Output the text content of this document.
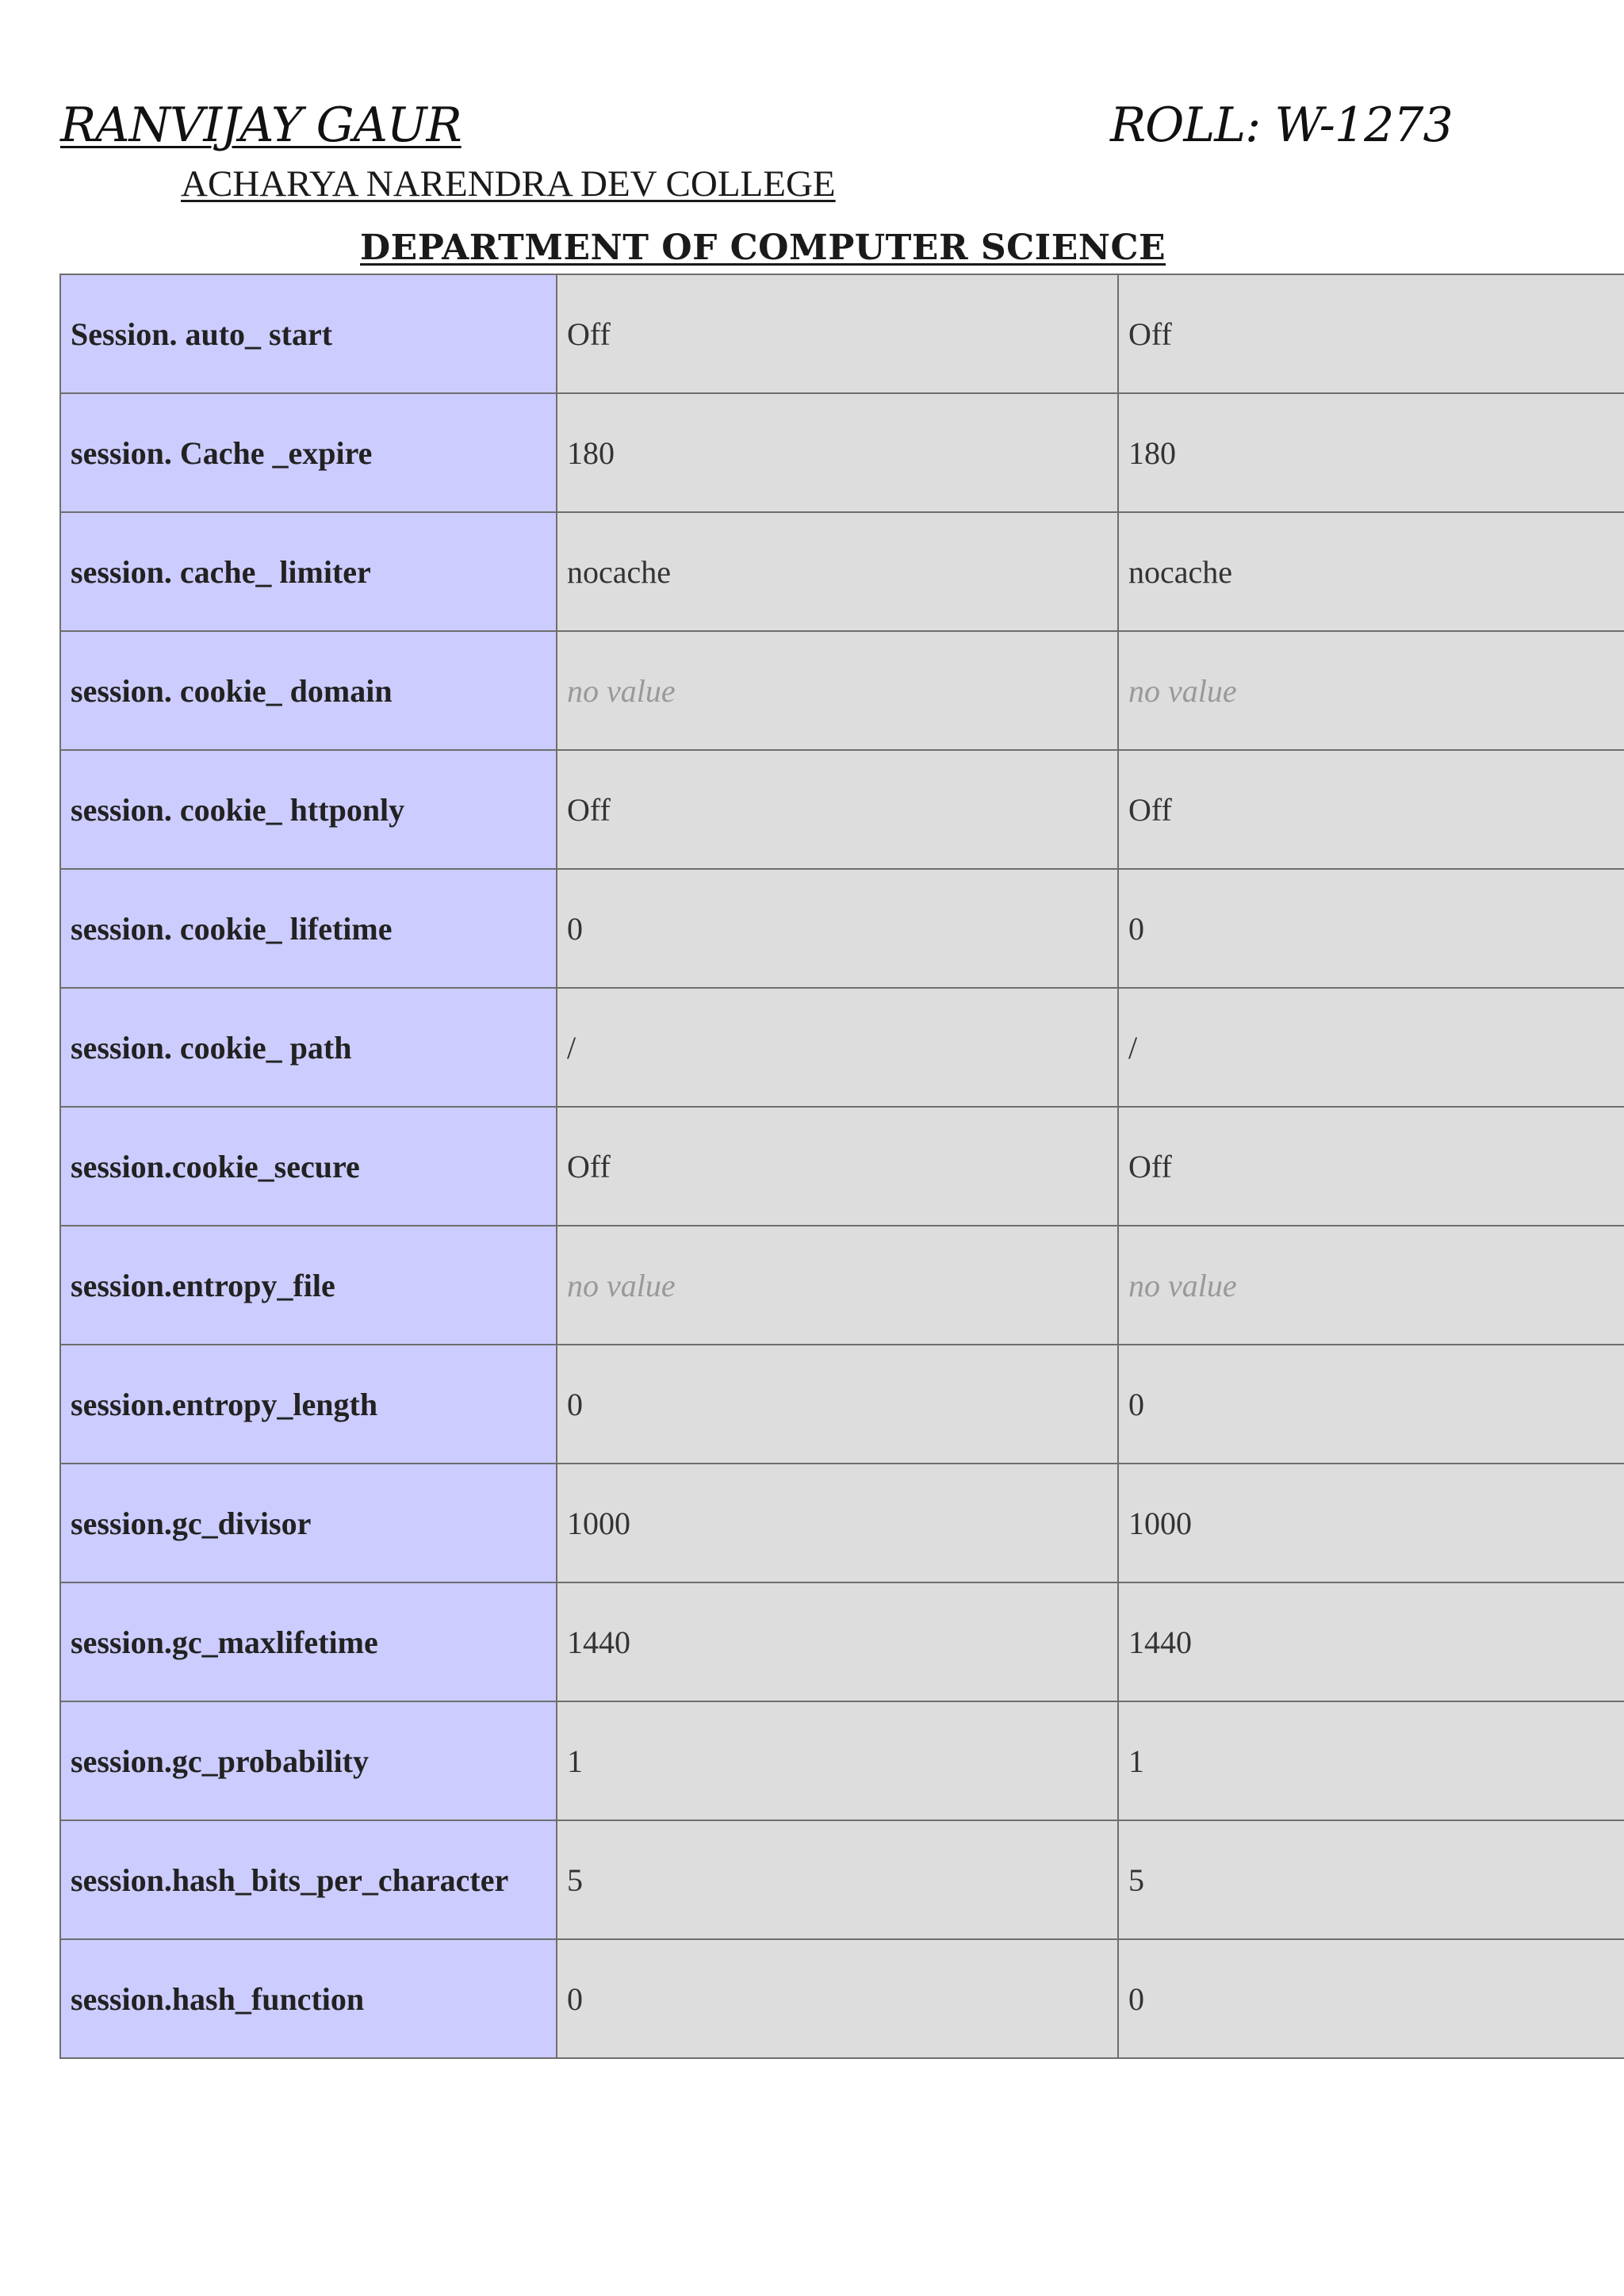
RANVIJAY GAUR	ROLL: W-1273
ACHARYA NARENDRA DEV COLLEGE
DEPARTMENT OF COMPUTER SCIENCE
Session. auto_ start	Off	Off
session. Cache _expire	180	180
session. cache_ limiter	nocache	nocache
session. cookie_ domain	no value	no value
session. cookie_ httponly	Off	Off
session. cookie_ lifetime	0	0
session. cookie_ path	/	/
session.cookie_secure	Off	Off
session.entropy_file	no value	no value
session.entropy_length	0	0
session.gc_divisor	1000	1000
session.gc_maxlifetime	1440	1440
session.gc_probability	1	1
session.hash_bits_per_character	5	5
session.hash_function	0	0
